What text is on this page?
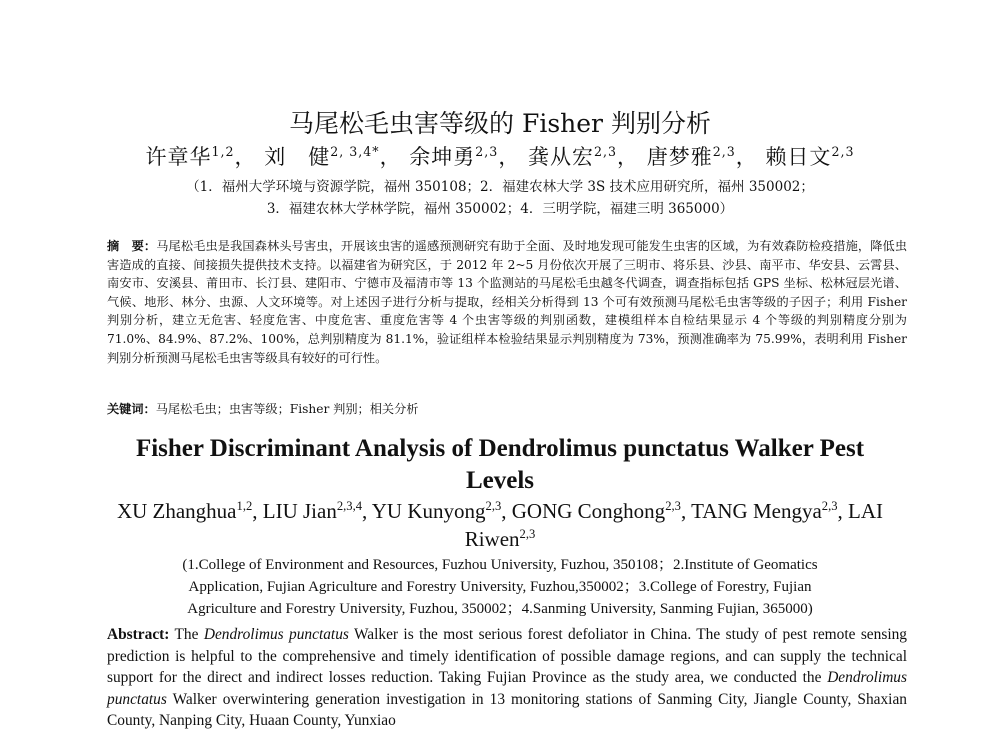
马尾松毛虫害等级的 Fisher 判别分析
许章华$^{1,2}$， 刘　健$^{2, 3,4*}$， 余坤勇$^{2,3}$， 龚从宏$^{2,3}$， 唐梦雅$^{2,3}$， 赖日文$^{2,3}$
（1．福州大学环境与资源学院，福州 350108；2．福建农林大学 3S 技术应用研究所，福州 350002；
3．福建农林大学林学院，福州 350002；4．三明学院，福建三明 365000）
摘　要：马尾松毛虫是我国森林头号害虫，开展该虫害的遥感预测研究有助于全面、及时地发现可能发生虫害的区域，为有效森防检疫措施，降低虫害造成的直接、间接损失提供技术支持。以福建省为研究区，于 2012 年 2~5 月份依次开展了三明市、将乐县、沙县、南平市、华安县、云霄县、南安市、安溪县、莆田市、长汀县、建阳市、宁德市及福清市等 13 个监测站的马尾松毛虫越冬代调查，调查指标包括 GPS 坐标、松林冠层光谱、气候、地形、林分、虫源、人文环境等。对上述因子进行分析与提取，经相关分析得到 13 个可有效预测马尾松毛虫害等级的子因子；利用 Fisher 判别分析，建立无危害、轻度危害、中度危害、重度危害等 4 个虫害等级的判别函数，建模组样本自检结果显示 4 个等级的判别精度分别为 71.0%、84.9%、87.2%、100%，总判别精度为 81.1%，验证组样本检验结果显示判别精度为 73%，预测准确率为 75.99%，表明利用 Fisher 判别分析预测马尾松毛虫害等级具有较好的可行性。
关键词：马尾松毛虫；虫害等级；Fisher 判别；相关分析
Fisher Discriminant Analysis of Dendrolimus punctatus Walker Pest Levels
XU Zhanghua$^{1,2}$, LIU Jian$^{2,3,4}$, YU Kunyong$^{2,3}$, GONG Conghong$^{2,3}$, TANG Mengya$^{2,3}$, LAI Riwen$^{2,3}$
(1.College of Environment and Resources, Fuzhou University, Fuzhou, 350108；2.Institute of Geomatics
Application, Fujian Agriculture and Forestry University, Fuzhou,350002；3.College of Forestry, Fujian
Agriculture and Forestry University, Fuzhou, 350002；4.Sanming University, Sanming Fujian, 365000)
Abstract: The Dendrolimus punctatus Walker is the most serious forest defoliator in China. The study of pest remote sensing prediction is helpful to the comprehensive and timely identification of possible damage regions, and can supply the technical support for the direct and indirect losses reduction. Taking Fujian Province as the study area, we conducted the Dendrolimus punctatus Walker overwintering generation investigation in 13 monitoring stations of Sanming City, Jiangle County, Shaxian County, Nanping City, Huaan County, Yunxiao
